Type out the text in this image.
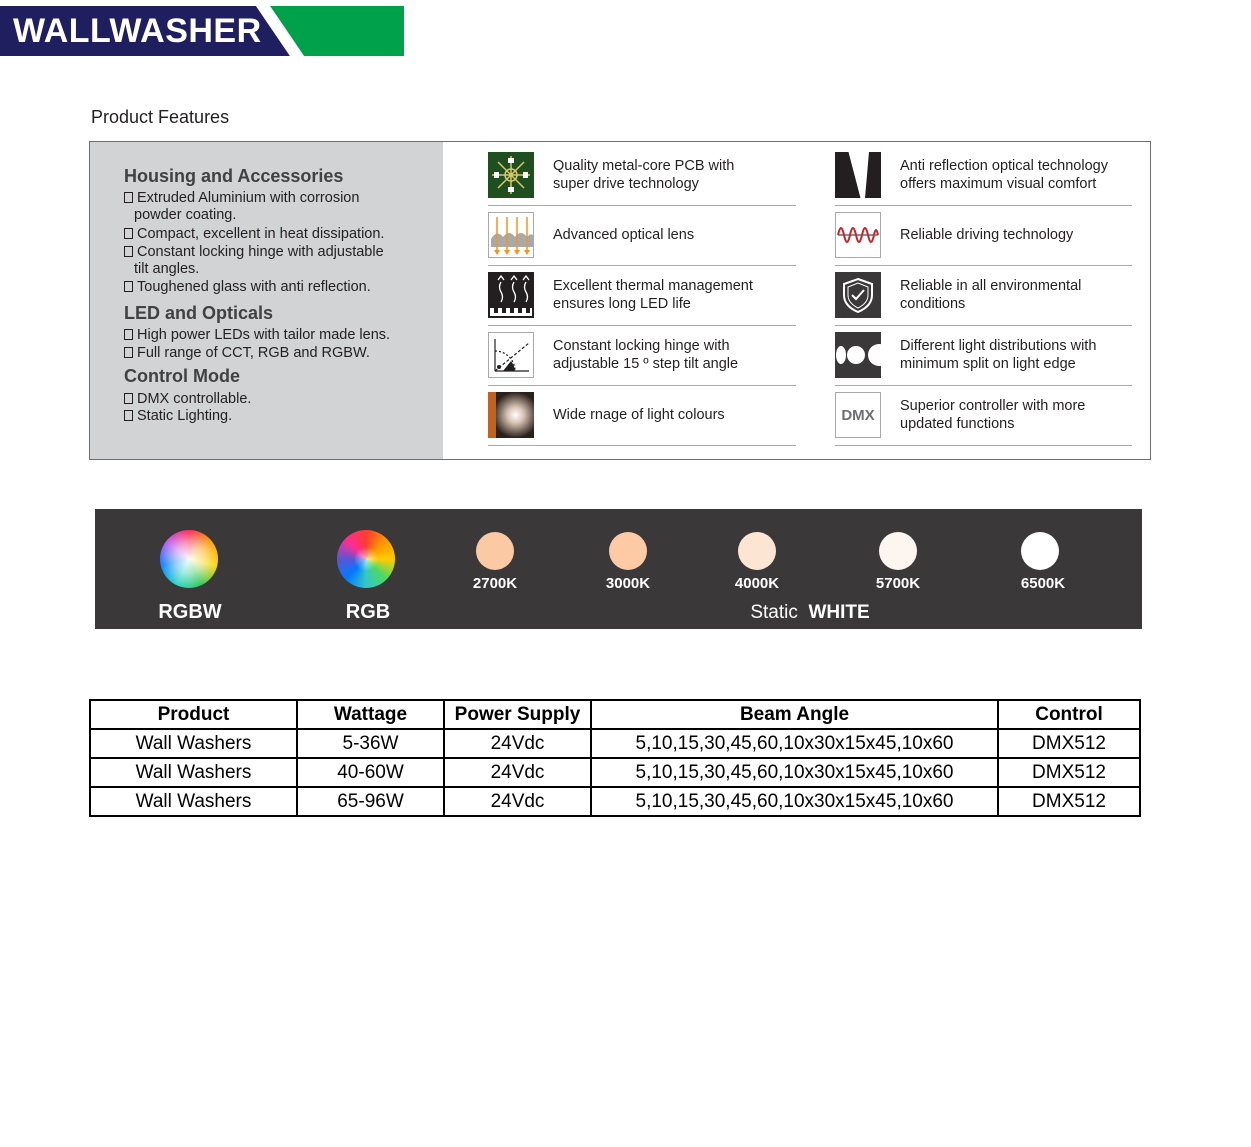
WALLWASHER
Product Features
Housing and Accessories
Extruded Aluminium with corrosion
powder coating.
Compact, excellent in heat dissipation.
Constant locking hinge with adjustable
tilt angles.
Toughened glass with anti reflection.
LED and Opticals
High power LEDs with tailor made lens.
Full range of CCT, RGB and RGBW.
Control Mode
DMX controllable.
Static Lighting.
Quality metal-core PCB with
super drive technology
Advanced optical lens
Excellent thermal management
ensures long LED life
Constant locking hinge with
adjustable 15 º step tilt angle
Wide rnage of light colours
Anti reflection optical technology
offers maximum visual comfort
Reliable driving technology
Reliable in all environmental
conditions
Different light distributions with
minimum split on light edge
DMX
Superior controller with more
updated functions
RGBW	RGB
2700K	3000K	4000K	5700K	6500K
Static WHITE
Product	Wattage	Power Supply	Beam Angle	Control
Wall Washers	5-36W	24Vdc	5,10,15,30,45,60,10x30x15x45,10x60	DMX512
Wall Washers	40-60W	24Vdc	5,10,15,30,45,60,10x30x15x45,10x60	DMX512
Wall Washers	65-96W	24Vdc	5,10,15,30,45,60,10x30x15x45,10x60	DMX512
